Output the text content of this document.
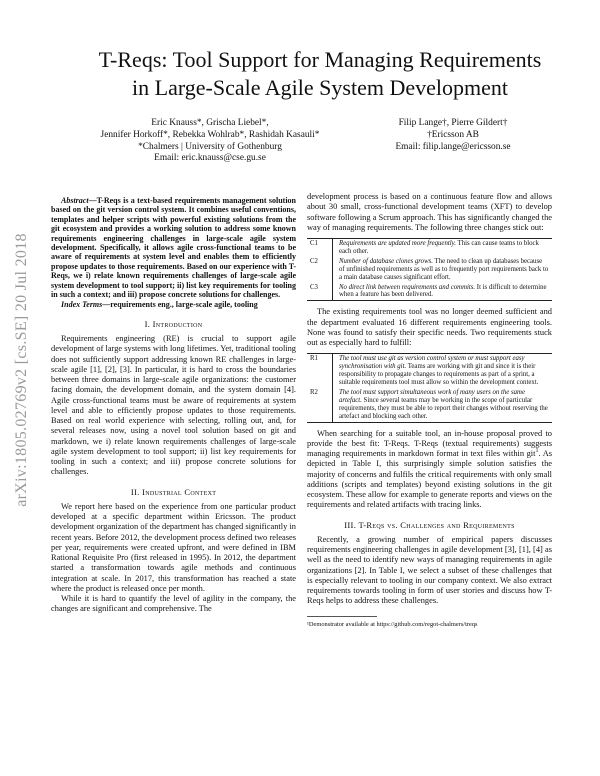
arXiv:1805.02769v2 [cs.SE] 20 Jul 2018
T-Reqs: Tool Support for Managing Requirements
in Large-Scale Agile System Development
Eric Knauss*, Grischa Liebel*,
Jennifer Horkoff*, Rebekka Wohlrab*, Rashidah Kasauli*
*Chalmers | University of Gothenburg
Email: eric.knauss@cse.gu.se
Filip Lange†, Pierre Gildert†
†Ericsson AB
Email: filip.lange@ericsson.se

Abstract—T-Reqs is a text-based requirements management solution based on the git version control system. It combines useful conventions, templates and helper scripts with powerful existing solutions from the git ecosystem and provides a working solution to address some known requirements engineering challenges in large-scale agile system development. Specifically, it allows agile cross-functional teams to be aware of requirements at system level and enables them to efficiently propose updates to those requirements. Based on our experience with T-Reqs, we i) relate known requirements challenges of large-scale agile system development to tool support; ii) list key requirements for tooling in such a context; and iii) propose concrete solutions for challenges.

Index Terms—requirements eng., large-scale agile, tooling

I. Introduction

Requirements engineering (RE) is crucial to support agile development of large systems with long lifetimes. Yet, traditional tooling does not sufficiently support addressing known RE challenges in large-scale agile [1], [2], [3]. In particular, it is hard to cross the boundaries between three domains in large-scale agile organizations: the customer facing domain, the development domain, and the system domain [4]. Agile cross-functional teams must be aware of requirements at system level and able to efficiently propose updates to those requirements. Based on real world experience with selecting, rolling out, and, for several releases now, using a novel tool solution based on git and markdown, we i) relate known requirements challenges of large-scale agile system development to tool support; ii) list key requirements for tooling in such a context; and iii) propose concrete solutions for challenges.

II. Industrial Context

We report here based on the experience from one particular product developed at a specific department within Ericsson. The product development organization of the department has changed significantly in recent years. Before 2012, the development process defined two releases per year, requirements were created upfront, and were defined in IBM Rational Requisite Pro (first released in 1995). In 2012, the department started a transformation towards agile methods and continuous integration at scale. In 2017, this transformation has reached a state where the product is released once per month.

While it is hard to quantify the level of agility in the company, the changes are significant and comprehensive. The

development process is based on a continuous feature flow and allows about 30 small, cross-functional development teams (XFT) to develop software following a Scrum approach. This has significantly changed the way of managing requirements. The following three changes stick out:

C1	Requirements are updated more frequently. This can cause teams to block each other.
C2	Number of database clones grows. The need to clean up databases because of unfinished requirements as well as to frequently port requirements back to a main database causes significant effort.
C3	No direct link between requirements and commits. It is difficult to determine when a feature has been delivered.

The existing requirements tool was no longer deemed sufficient and the department evaluated 16 different requirements engineering tools. None was found to satisfy their specific needs. Two requirements stuck out as especially hard to fulfill:

R1	The tool must use git as version control system or must support easy synchronisation with git. Teams are working with git and since it is their responsibility to propagate changes to requirements as part of a sprint, a suitable requirements tool must allow so within the development context.
R2	The tool must support simultaneous work of many users on the same artefact. Since several teams may be working in the scope of particular requirements, they must be able to report their changes without reserving the artefact and blocking each other.

When searching for a suitable tool, an in-house proposal proved to provide the best fit: T-Reqs. T-Reqs (textual requirements) suggests managing requirements in markdown format in text files within git$^1$. As depicted in Table I, this surprisingly simple solution satisfies the majority of concerns and fulfils the critical requirements with only small additions (scripts and templates) beyond existing solutions in the git ecosystem. These allow for example to generate reports and views on the requirements and related artifacts with tracing links.

III. T-Reqs vs. Challenges and Requirements

Recently, a growing number of empirical papers discusses requirements engineering challenges in agile development [3], [1], [4] as well as the need to identify new ways of managing requirements in agile organizations [2]. In Table I, we select a subset of these challenges that is especially relevant to tooling in our company context. We also extract requirements towards tooling in form of user stories and discuss how T-Reqs helps to address these challenges.

¹Demonstrator available at https://github.com/regot-chalmers/treqs
